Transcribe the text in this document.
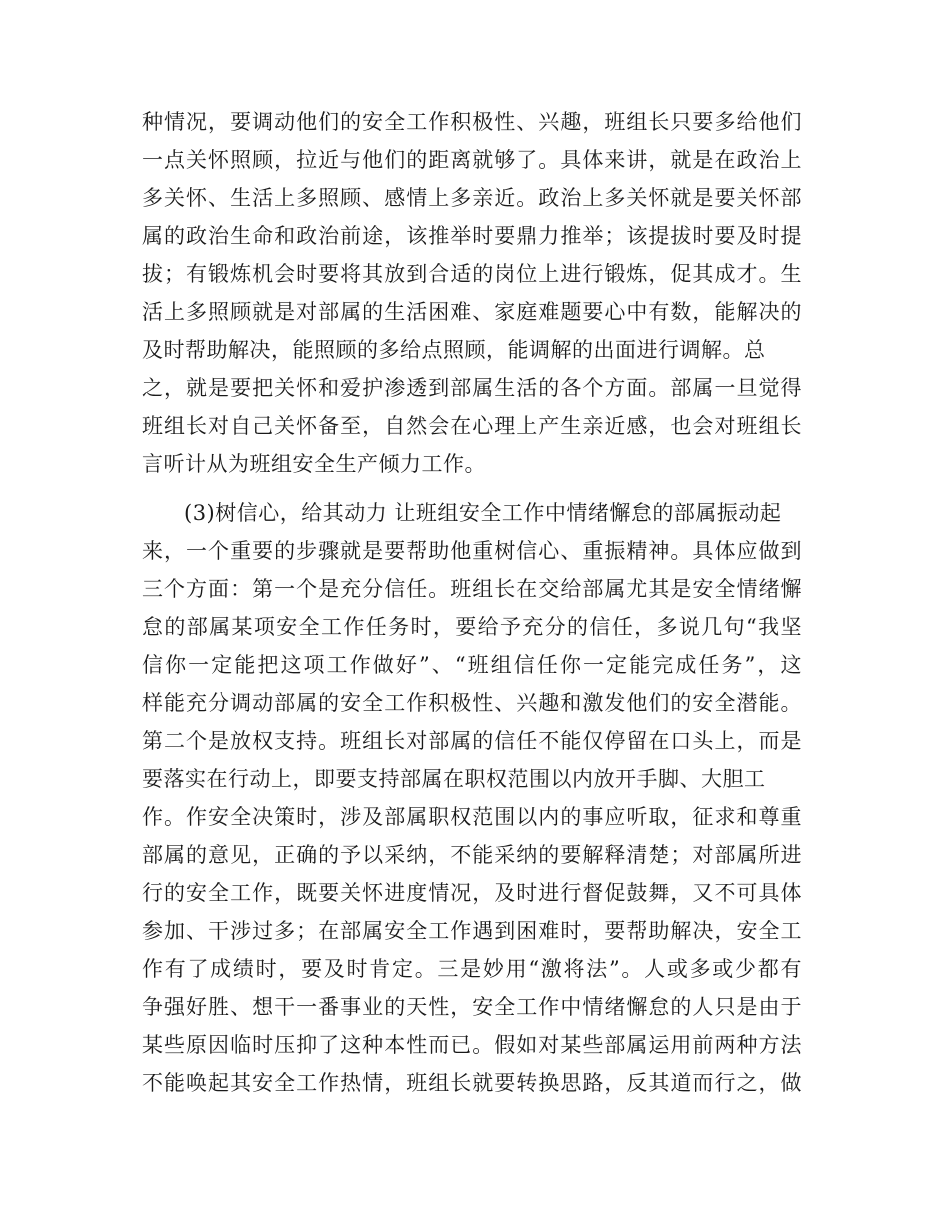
种情况，要调动他们的安全工作积极性、兴趣，班组长只要多给他们
一点关怀照顾，拉近与他们的距离就够了。具体来讲，就是在政治上
多关怀、生活上多照顾、感情上多亲近。政治上多关怀就是要关怀部
属的政治生命和政治前途，该推举时要鼎力推举；该提拔时要及时提
拔；有锻炼机会时要将其放到合适的岗位上进行锻炼，促其成才。生
活上多照顾就是对部属的生活困难、家庭难题要心中有数，能解决的
及时帮助解决，能照顾的多给点照顾，能调解的出面进行调解。总
之，就是要把关怀和爱护渗透到部属生活的各个方面。部属一旦觉得
班组长对自己关怀备至，自然会在心理上产生亲近感，也会对班组长
言听计从为班组安全生产倾力工作。
(3)树信心，给其动力 让班组安全工作中情绪懈怠的部属振动起
来，一个重要的步骤就是要帮助他重树信心、重振精神。具体应做到
三个方面：第一个是充分信任。班组长在交给部属尤其是安全情绪懈
怠的部属某项安全工作任务时，要给予充分的信任，多说几句“我坚
信你一定能把这项工作做好”、“班组信任你一定能完成任务”，这
样能充分调动部属的安全工作积极性、兴趣和激发他们的安全潜能。
第二个是放权支持。班组长对部属的信任不能仅停留在口头上，而是
要落实在行动上，即要支持部属在职权范围以内放开手脚、大胆工
作。作安全决策时，涉及部属职权范围以内的事应听取，征求和尊重
部属的意见，正确的予以采纳，不能采纳的要解释清楚；对部属所进
行的安全工作，既要关怀进度情况，及时进行督促鼓舞，又不可具体
参加、干涉过多；在部属安全工作遇到困难时，要帮助解决，安全工
作有了成绩时，要及时肯定。三是妙用“激将法”。人或多或少都有
争强好胜、想干一番事业的天性，安全工作中情绪懈怠的人只是由于
某些原因临时压抑了这种本性而已。假如对某些部属运用前两种方法
不能唤起其安全工作热情，班组长就要转换思路，反其道而行之，做
